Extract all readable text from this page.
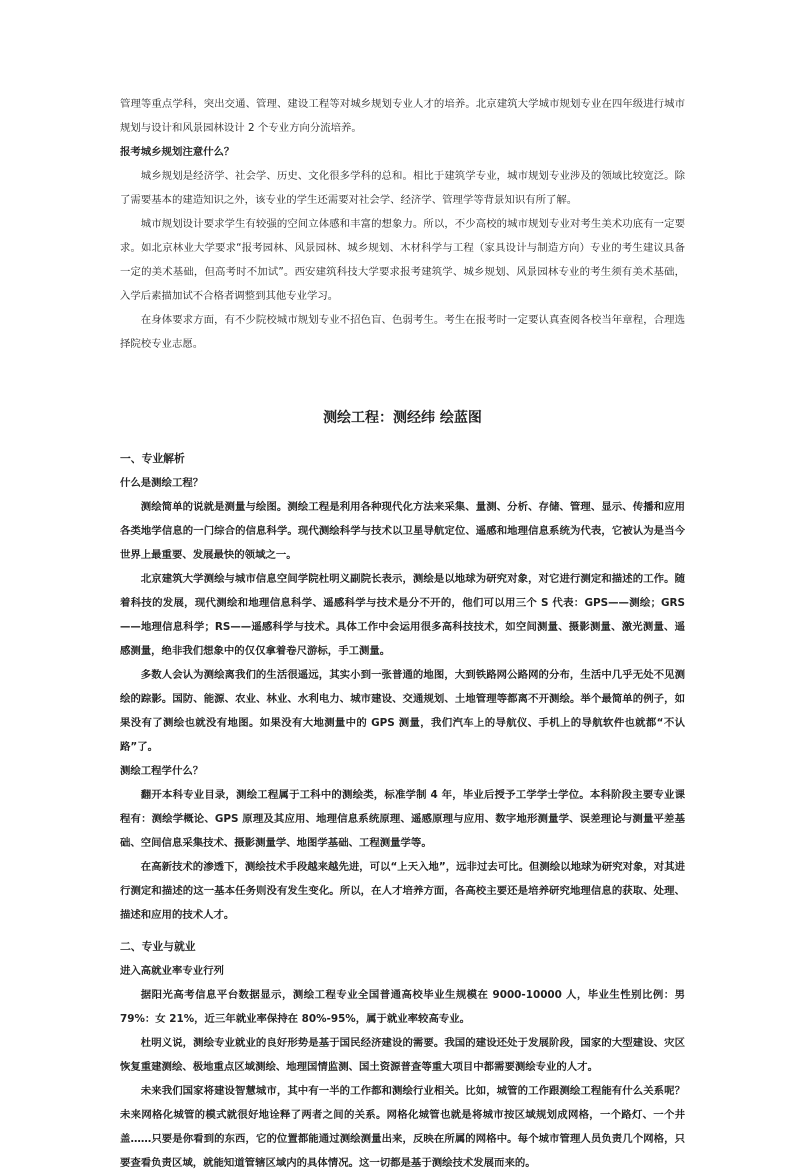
管理等重点学科，突出交通、管理、建设工程等对城乡规划专业人才的培养。北京建筑大学城市规划专业在四年级进行城市规划与设计和风景园林设计 2 个专业方向分流培养。

报考城乡规划注意什么？

城乡规划是经济学、社会学、历史、文化很多学科的总和。相比于建筑学专业，城市规划专业涉及的领域比较宽泛。除了需要基本的建造知识之外，该专业的学生还需要对社会学、经济学、管理学等背景知识有所了解。

城市规划设计要求学生有较强的空间立体感和丰富的想象力。所以，不少高校的城市规划专业对考生美术功底有一定要求。如北京林业大学要求“报考园林、风景园林、城乡规划、木材科学与工程（家具设计与制造方向）专业的考生建议具备一定的美术基础，但高考时不加试”。西安建筑科技大学要求报考建筑学、城乡规划、风景园林专业的考生须有美术基础，入学后素描加试不合格者调整到其他专业学习。

在身体要求方面，有不少院校城市规划专业不招色盲、色弱考生。考生在报考时一定要认真查阅各校当年章程，合理选择院校专业志愿。

测绘工程：测经纬 绘蓝图
一、专业解析
什么是测绘工程？

测绘简单的说就是测量与绘图。测绘工程是利用各种现代化方法来采集、量测、分析、存储、管理、显示、传播和应用各类地学信息的一门综合的信息科学。现代测绘科学与技术以卫星导航定位、遥感和地理信息系统为代表，它被认为是当今世界上最重要、发展最快的领域之一。

北京建筑大学测绘与城市信息空间学院杜明义副院长表示，测绘是以地球为研究对象，对它进行测定和描述的工作。随着科技的发展，现代测绘和地理信息科学、遥感科学与技术是分不开的，他们可以用三个 S 代表：GPS——测绘；GRS——地理信息科学；RS——遥感科学与技术。具体工作中会运用很多高科技技术，如空间测量、摄影测量、激光测量、遥感测量，绝非我们想象中的仅仅拿着卷尺游标，手工测量。

多数人会认为测绘离我们的生活很遥远，其实小到一张普通的地图，大到铁路网公路网的分布，生活中几乎无处不见测绘的踪影。国防、能源、农业、林业、水利电力、城市建设、交通规划、土地管理等都离不开测绘。举个最简单的例子，如果没有了测绘也就没有地图。如果没有大地测量中的 GPS 测量，我们汽车上的导航仪、手机上的导航软件也就都“不认路”了。

测绘工程学什么？

翻开本科专业目录，测绘工程属于工科中的测绘类，标准学制 4 年，毕业后授予工学学士学位。本科阶段主要专业课程有：测绘学概论、GPS 原理及其应用、地理信息系统原理、遥感原理与应用、数字地形测量学、误差理论与测量平差基础、空间信息采集技术、摄影测量学、地图学基础、工程测量学等。

在高新技术的渗透下，测绘技术手段越来越先进，可以“上天入地”，远非过去可比。但测绘以地球为研究对象，对其进行测定和描述的这一基本任务则没有发生变化。所以，在人才培养方面，各高校主要还是培养研究地理信息的获取、处理、描述和应用的技术人才。

二、专业与就业
进入高就业率专业行列

据阳光高考信息平台数据显示，测绘工程专业全国普通高校毕业生规模在 9000-10000 人，毕业生性别比例：男 79%：女 21%，近三年就业率保持在 80%-95%，属于就业率较高专业。

杜明义说，测绘专业就业的良好形势是基于国民经济建设的需要。我国的建设还处于发展阶段，国家的大型建设、灾区恢复重建测绘、极地重点区域测绘、地理国情监测、国土资源普查等重大项目中都需要测绘专业的人才。

未来我们国家将建设智慧城市，其中有一半的工作都和测绘行业相关。比如，城管的工作跟测绘工程能有什么关系呢？未来网格化城管的模式就很好地诠释了两者之间的关系。网格化城管也就是将城市按区域规划成网格，一个路灯、一个井盖……只要是你看到的东西，它的位置都能通过测绘测量出来，反映在所属的网格中。每个城市管理人员负责几个网格，只要查看负责区域，就能知道管辖区域内的具体情况。这一切都是基于测绘技术发展而来的。
